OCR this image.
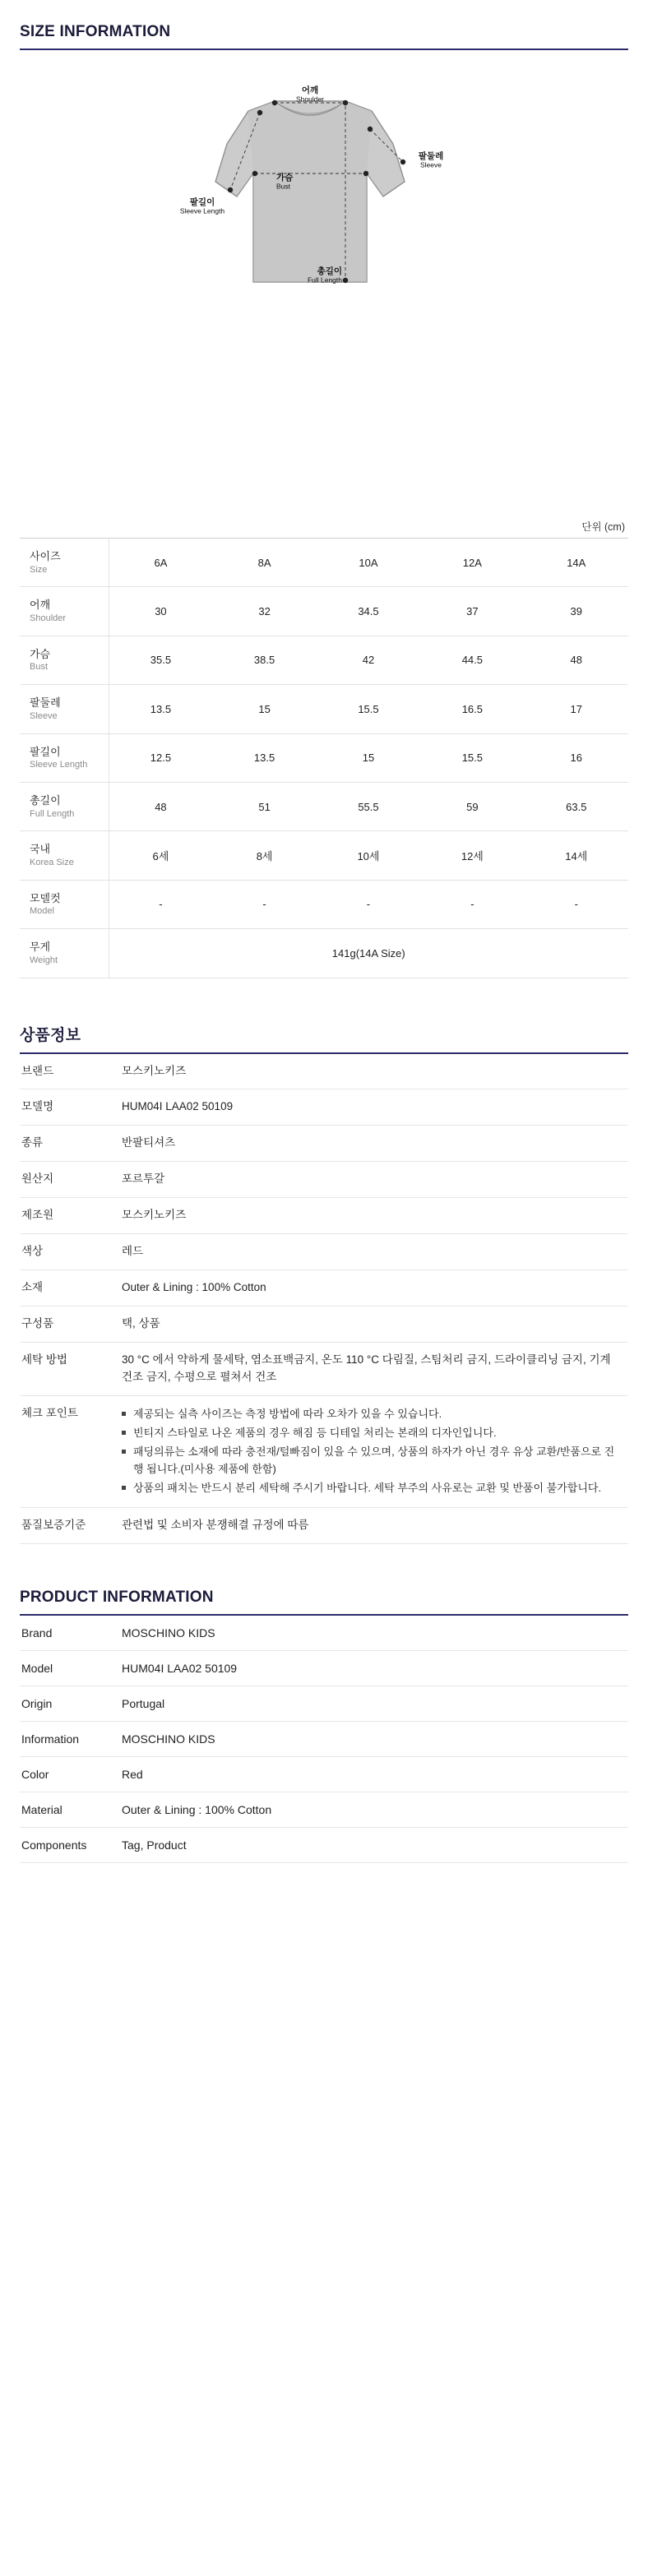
SIZE INFORMATION
어깨
Shoulder
팔둘레
Sleeve
팔길이
Sleeve Length
가슴
Bust
총길이
Full Length
단위 (cm)
사이즈
Size	6A	8A	10A	12A	14A

어깨
Shoulder	30	32	34.5	37	39

가슴
Bust	35.5	38.5	42	44.5	48

팔둘레
Sleeve	13.5	15	15.5	16.5	17

팔길이
Sleeve Length	12.5	13.5	15	15.5	16

총길이
Full Length	48	51	55.5	59	63.5

국내
Korea Size	6세	8세	10세	12세	14세

모델컷
Model	-	-	-	-	-

무게
Weight	141g(14A Size)				
상품정보
브랜드	모스키노키즈
모델명	HUM04I LAA02 50109
종류	반팔티셔츠
원산지	포르투갈
제조원	모스키노키즈
색상	레드
소재	Outer & Lining : 100% Cotton
구성품	택, 상품
세탁 방법	30 °C 에서 약하게 물세탁, 염소표백금지, 온도 110 °C 다림질, 스팀처리 금지, 드라이클리닝 금지, 기계 건조 금지, 수평으로 펼쳐서 건조
체크 포인트	제공되는 실측 사이즈는 측정 방법에 따라 오차가 있을 수 있습니다.
빈티지 스타일로 나온 제품의 경우 해짐 등 디테일 처리는 본래의 디자인입니다.
패딩의류는 소재에 따라 충전재/털빠짐이 있을 수 있으며, 상품의 하자가 아닌 경우 유상 교환/반품으로 진행 됩니다.(미사용 제품에 한함)
상품의 패치는 반드시 분리 세탁해 주시기 바랍니다. 세탁 부주의 사유로는 교환 및 반품이 불가합니다.

품질보증기준	관련법 및 소비자 분쟁해결 규정에 따름
PRODUCT INFORMATION
Brand	MOSCHINO KIDS
Model	HUM04I LAA02 50109
Origin	Portugal
Information	MOSCHINO KIDS
Color	Red
Material	Outer & Lining : 100% Cotton
Components	Tag, Product
